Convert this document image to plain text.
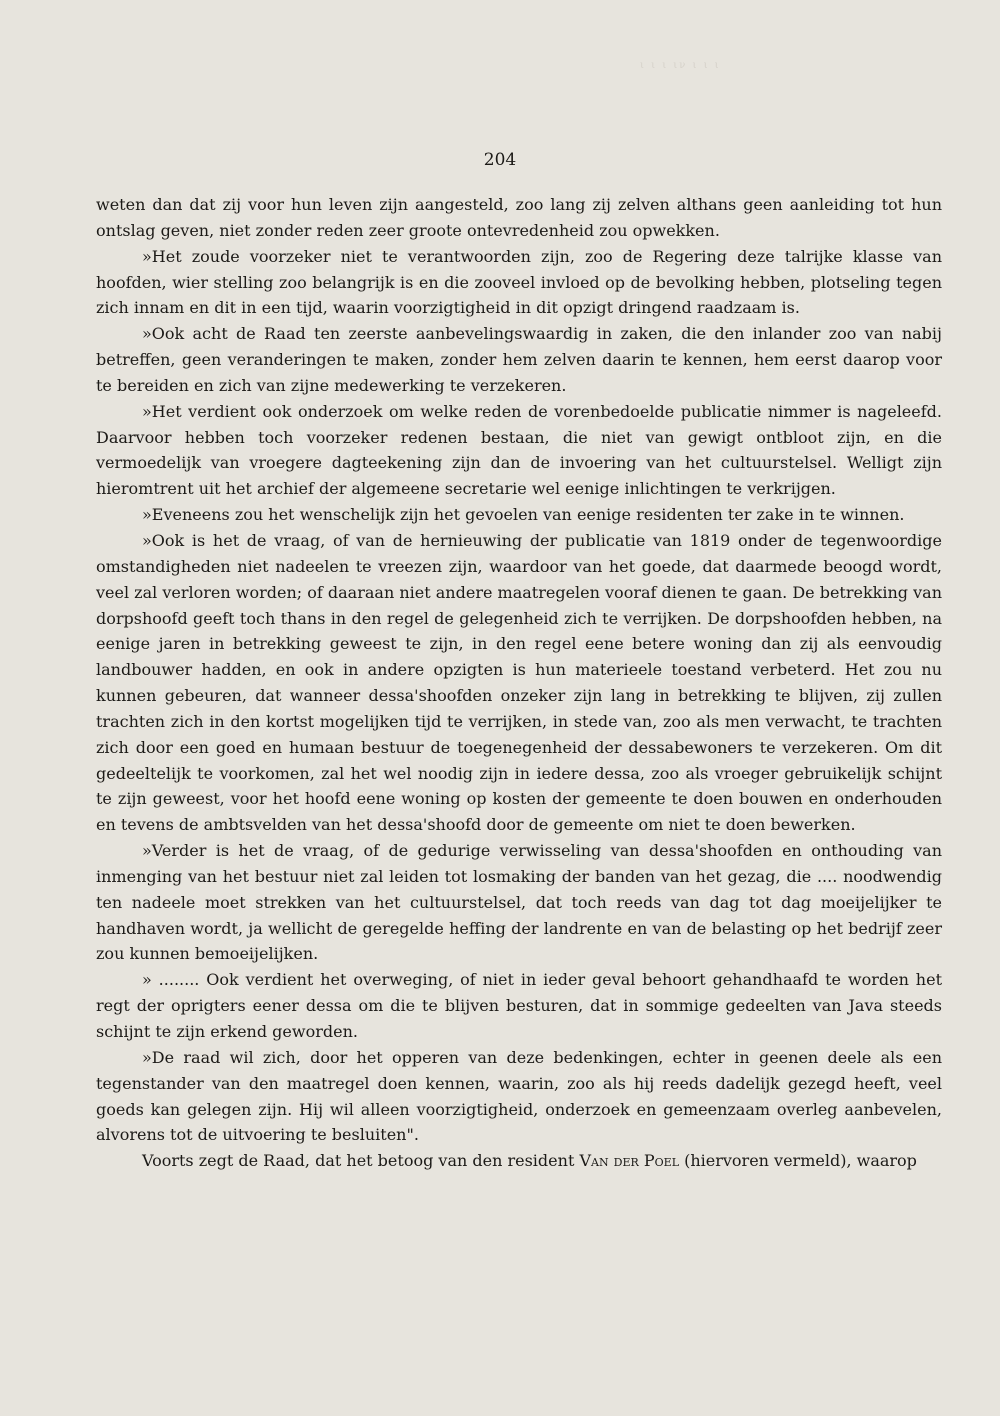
ι ι ι ιν ι ι ι
204

weten dan dat zij voor hun leven zijn aangesteld, zoo lang zij zelven althans geen aanleiding tot hun ontslag geven, niet zonder reden zeer groote ontevredenheid zou opwekken.

»Het zoude voorzeker niet te verantwoorden zijn, zoo de Regering deze talrijke klasse van hoofden, wier stelling zoo belangrijk is en die zooveel invloed op de bevolking hebben, plotseling tegen zich innam en dit in een tijd, waarin voorzigtigheid in dit opzigt dringend raadzaam is.

»Ook acht de Raad ten zeerste aanbevelingswaardig in zaken, die den inlander zoo van nabij betreffen, geen veranderingen te maken, zonder hem zelven daarin te kennen, hem eerst daarop voor te bereiden en zich van zijne medewerking te verzekeren.

»Het verdient ook onderzoek om welke reden de vorenbedoelde publicatie nimmer is nageleefd. Daarvoor hebben toch voorzeker redenen bestaan, die niet van gewigt ontbloot zijn, en die vermoedelijk van vroegere dagteekening zijn dan de invoering van het cultuurstelsel. Welligt zijn hieromtrent uit het archief der algemeene secretarie wel eenige inlichtingen te verkrijgen.

»Eveneens zou het wenschelijk zijn het gevoelen van eenige residenten ter zake in te winnen.

»Ook is het de vraag, of van de hernieuwing der publicatie van 1819 onder de tegenwoordige omstandigheden niet nadeelen te vreezen zijn, waardoor van het goede, dat daarmede beoogd wordt, veel zal verloren worden; of daaraan niet andere maatregelen vooraf dienen te gaan. De betrekking van dorpshoofd geeft toch thans in den regel de gelegenheid zich te verrijken. De dorpshoofden hebben, na eenige jaren in betrekking geweest te zijn, in den regel eene betere woning dan zij als eenvoudig landbouwer hadden, en ook in andere opzigten is hun materieele toestand verbeterd. Het zou nu kunnen gebeuren, dat wanneer dessa'shoofden onzeker zijn lang in betrekking te blijven, zij zullen trachten zich in den kortst mogelijken tijd te verrijken, in stede van, zoo als men verwacht, te trachten zich door een goed en humaan bestuur de toegenegenheid der dessabewoners te verzekeren. Om dit gedeeltelijk te voorkomen, zal het wel noodig zijn in iedere dessa, zoo als vroeger gebruikelijk schijnt te zijn geweest, voor het hoofd eene woning op kosten der gemeente te doen bouwen en onderhouden en tevens de ambtsvelden van het dessa'shoofd door de gemeente om niet te doen bewerken.

»Verder is het de vraag, of de gedurige verwisseling van dessa'shoofden en onthouding van inmenging van het bestuur niet zal leiden tot losmaking der banden van het gezag, die .... noodwendig ten nadeele moet strekken van het cultuurstelsel, dat toch reeds van dag tot dag moeijelijker te handhaven wordt, ja wellicht de geregelde heffing der landrente en van de belasting op het bedrijf zeer zou kunnen bemoeijelijken.

» ........ Ook verdient het overweging, of niet in ieder geval behoort gehandhaafd te worden het regt der oprigters eener dessa om die te blijven besturen, dat in sommige gedeelten van Java steeds schijnt te zijn erkend geworden.

»De raad wil zich, door het opperen van deze bedenkingen, echter in geenen deele als een tegenstander van den maatregel doen kennen, waarin, zoo als hij reeds dadelijk gezegd heeft, veel goeds kan gelegen zijn. Hij wil alleen voorzigtigheid, onderzoek en gemeenzaam overleg aanbevelen, alvorens tot de uitvoering te besluiten".

Voorts zegt de Raad, dat het betoog van den resident Van der Poel (hiervoren vermeld), waarop
